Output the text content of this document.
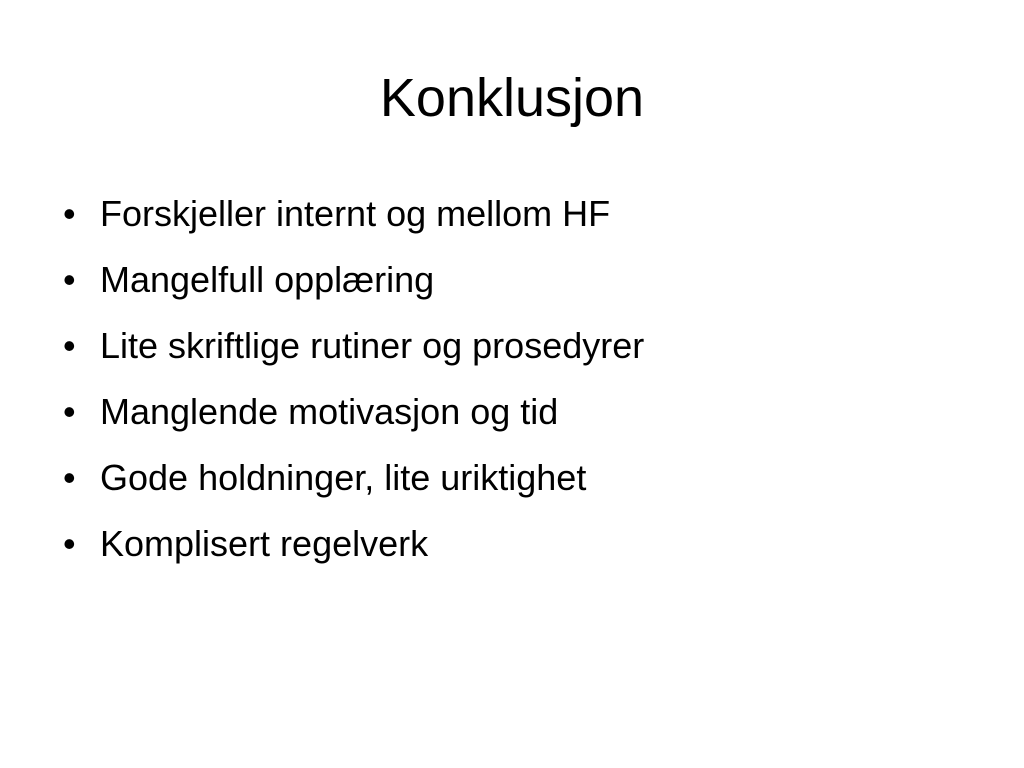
Konklusjon
• Forskjeller internt og mellom HF
• Mangelfull opplæring
• Lite skriftlige rutiner og prosedyrer
• Manglende motivasjon og tid
• Gode holdninger, lite uriktighet
• Komplisert regelverk
